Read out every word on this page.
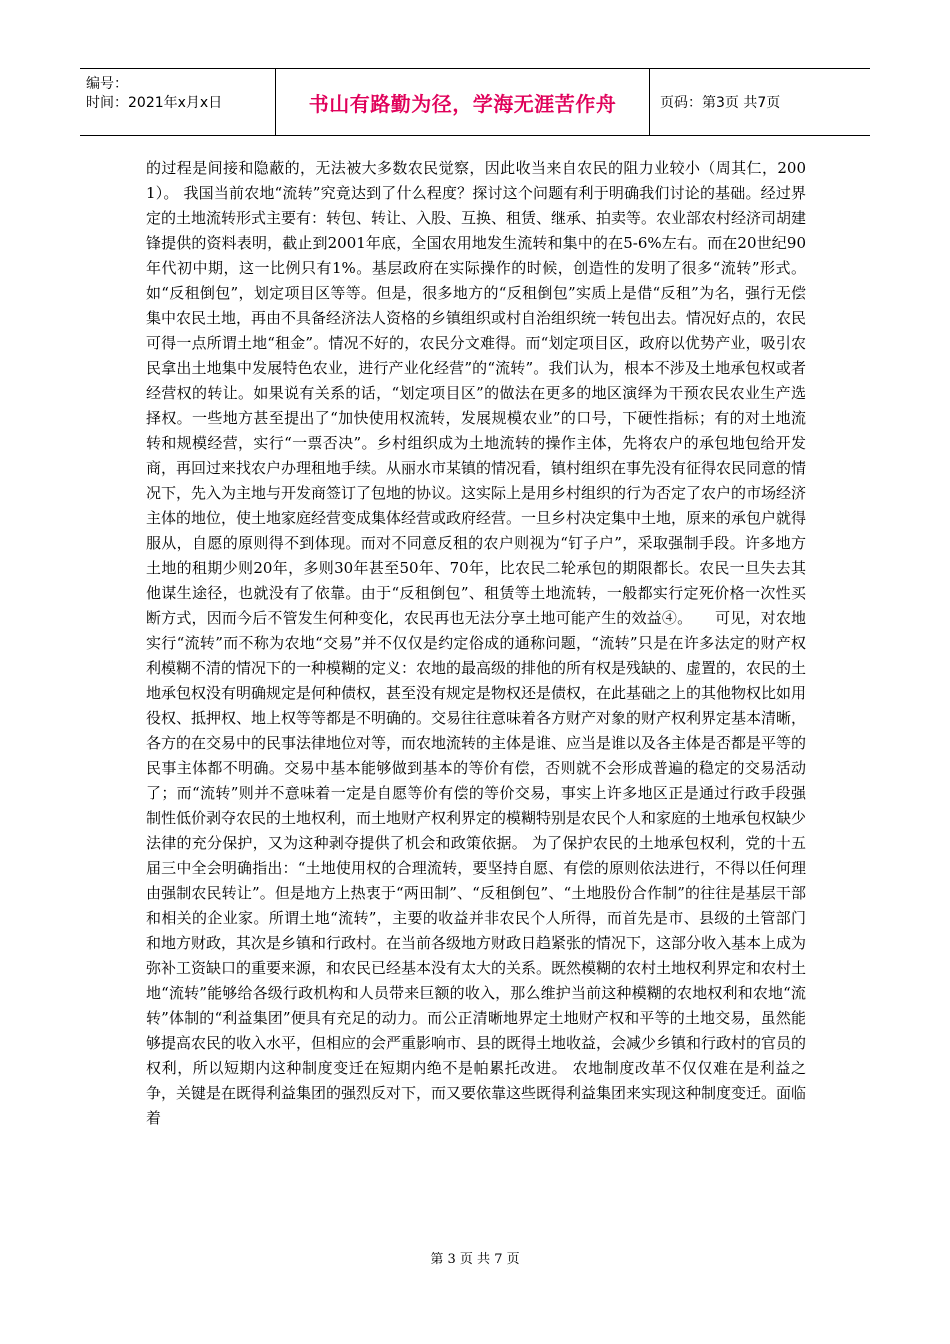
编号：
时间：2021年x月x日	书山有路勤为径，学海无涯苦作舟	页码：第3页 共7页

的过程是间接和隐蔽的，无法被大多数农民觉察，因此收当来自农民的阻力业较小（周其仁，2001）。 我国当前农地“流转”究竟达到了什么程度？探讨这个问题有利于明确我们讨论的基础。经过界定的土地流转形式主要有：转包、转让、入股、互换、租赁、继承、拍卖等。农业部农村经济司胡建锋提供的资料表明，截止到2001年底，全国农用地发生流转和集中的在5-6%左右。而在20世纪90年代初中期，这一比例只有1%。基层政府在实际操作的时候，创造性的发明了很多“流转”形式。如“反租倒包”，划定项目区等等。但是，很多地方的“反租倒包”实质上是借“反租”为名，强行无偿集中农民土地，再由不具备经济法人资格的乡镇组织或村自治组织统一转包出去。情况好点的，农民可得一点所谓土地“租金”。情况不好的，农民分文难得。而“划定项目区，政府以优势产业，吸引农民拿出土地集中发展特色农业，进行产业化经营”的“流转”。我们认为，根本不涉及土地承包权或者经营权的转让。如果说有关系的话，“划定项目区”的做法在更多的地区演绎为干预农民农业生产选择权。一些地方甚至提出了“加快使用权流转，发展规模农业”的口号，下硬性指标；有的对土地流转和规模经营，实行“一票否决”。乡村组织成为土地流转的操作主体，先将农户的承包地包给开发商，再回过来找农户办理租地手续。从丽水市某镇的情况看，镇村组织在事先没有征得农民同意的情况下，先入为主地与开发商签订了包地的协议。这实际上是用乡村组织的行为否定了农户的市场经济主体的地位，使土地家庭经营变成集体经营或政府经营。一旦乡村决定集中土地，原来的承包户就得服从，自愿的原则得不到体现。而对不同意反租的农户则视为“钉子户”，采取强制手段。许多地方土地的租期少则20年，多则30年甚至50年、70年，比农民二轮承包的期限都长。农民一旦失去其他谋生途径，也就没有了依靠。由于“反租倒包”、租赁等土地流转，一般都实行定死价格一次性买断方式，因而今后不管发生何种变化，农民再也无法分享土地可能产生的效益④。　　可见，对农地实行“流转”而不称为农地“交易”并不仅仅是约定俗成的通称问题，“流转”只是在许多法定的财产权利模糊不清的情况下的一种模糊的定义：农地的最高级的排他的所有权是残缺的、虚置的，农民的土地承包权没有明确规定是何种债权，甚至没有规定是物权还是债权，在此基础之上的其他物权比如用役权、抵押权、地上权等等都是不明确的。交易往往意味着各方财产对象的财产权利界定基本清晰，各方的在交易中的民事法律地位对等，而农地流转的主体是谁、应当是谁以及各主体是否都是平等的民事主体都不明确。交易中基本能够做到基本的等价有偿，否则就不会形成普遍的稳定的交易活动了；而“流转”则并不意味着一定是自愿等价有偿的等价交易，事实上许多地区正是通过行政手段强制性低价剥夺农民的土地权利，而土地财产权利界定的模糊特别是农民个人和家庭的土地承包权缺少法律的充分保护，又为这种剥夺提供了机会和政策依据。 为了保护农民的土地承包权利，党的十五届三中全会明确指出：“土地使用权的合理流转，要坚持自愿、有偿的原则依法进行，不得以任何理由强制农民转让”。但是地方上热衷于“两田制”、“反租倒包”、“土地股份合作制”的往往是基层干部和相关的企业家。所谓土地“流转”，主要的收益并非农民个人所得，而首先是市、县级的土管部门和地方财政，其次是乡镇和行政村。在当前各级地方财政日趋紧张的情况下，这部分收入基本上成为弥补工资缺口的重要来源，和农民已经基本没有太大的关系。既然模糊的农村土地权利界定和农村土地“流转”能够给各级行政机构和人员带来巨额的收入，那么维护当前这种模糊的农地权利和农地“流转”体制的“利益集团”便具有充足的动力。而公正清晰地界定土地财产权和平等的土地交易，虽然能够提高农民的收入水平，但相应的会严重影响市、县的既得土地收益，会减少乡镇和行政村的官员的权利，所以短期内这种制度变迁在短期内绝不是帕累托改进。 农地制度改革不仅仅难在是利益之争，关键是在既得利益集团的强烈反对下，而又要依靠这些既得利益集团来实现这种制度变迁。面临着

第 3 页 共 7 页
